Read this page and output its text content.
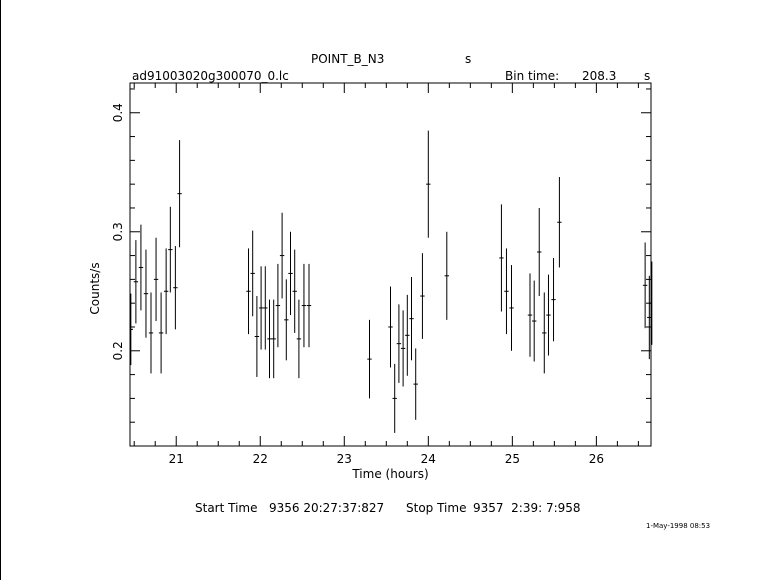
POINT_B_N3	s
ad91003020g300070_0.lc	Bin time: 208.3 s
21	22	23	24	25	26
0.2
0.3
0.4
Time (hours)
Counts/s
Start Time 9356 20:27:37:827 Stop Time 9357  2:39: 7:958
1-May-1998 08:53
